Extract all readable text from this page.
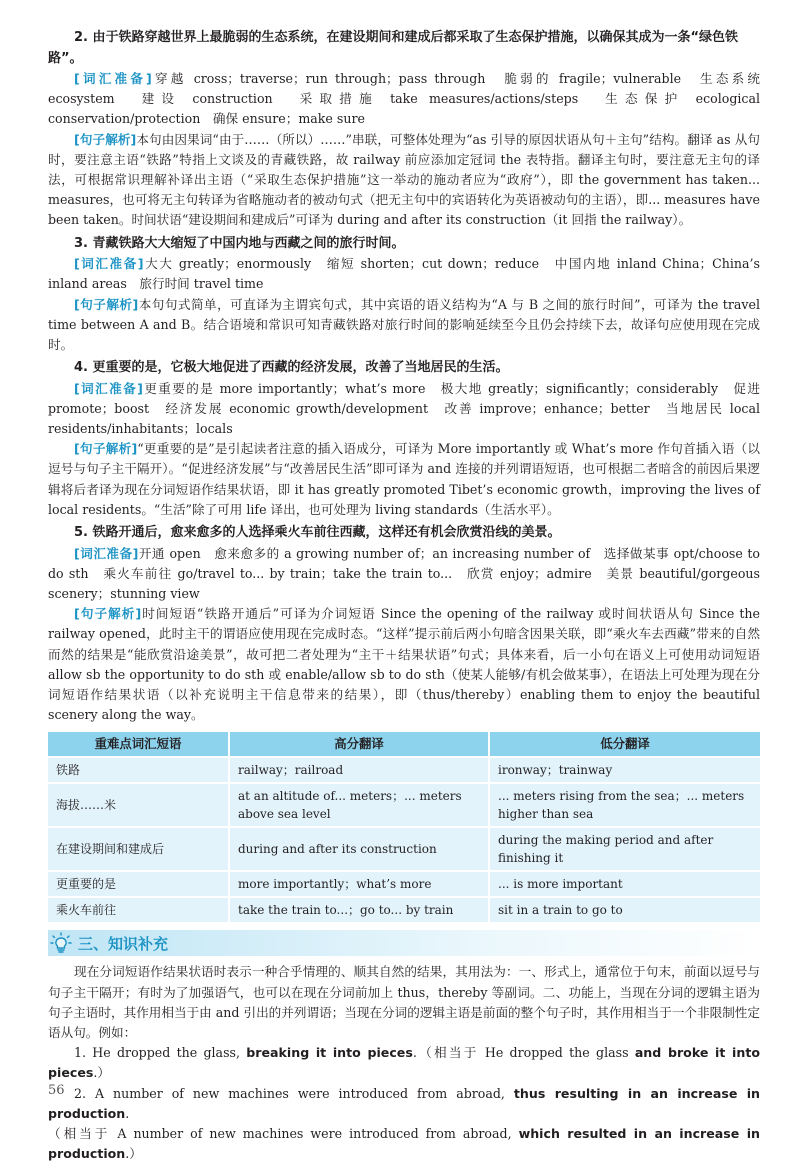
2. 由于铁路穿越世界上最脆弱的生态系统，在建设期间和建成后都采取了生态保护措施，以确保其成为一条“绿色铁路”。

[词汇准备]穿越 cross；traverse；run through；pass through　脆弱的 fragile；vulnerable　生态系统 ecosystem　建设 construction　采取措施 take measures/actions/steps　生态保护 ecological conservation/protection　确保 ensure；make sure

[句子解析]本句由因果词“由于……（所以）……”串联，可整体处理为“as 引导的原因状语从句＋主句”结构。翻译 as 从句时，要注意主语“铁路”特指上文谈及的青藏铁路，故 railway 前应添加定冠词 the 表特指。翻译主句时，要注意无主句的译法，可根据常识理解补译出主语（“采取生态保护措施”这一举动的施动者应为“政府”），即 the government has taken... measures，也可将无主句转译为省略施动者的被动句式（把无主句中的宾语转化为英语被动句的主语），即... measures have been taken。时间状语“建设期间和建成后”可译为 during and after its construction（it 回指 the railway）。

3. 青藏铁路大大缩短了中国内地与西藏之间的旅行时间。

[词汇准备]大大 greatly；enormously　缩短 shorten；cut down；reduce　中国内地 inland China；China’s inland areas　旅行时间 travel time

[句子解析]本句句式简单，可直译为主谓宾句式，其中宾语的语义结构为“A 与 B 之间的旅行时间”，可译为 the travel time between A and B。结合语境和常识可知青藏铁路对旅行时间的影响延续至今且仍会持续下去，故译句应使用现在完成时。

4. 更重要的是，它极大地促进了西藏的经济发展，改善了当地居民的生活。

[词汇准备]更重要的是 more importantly；what’s more　极大地 greatly；significantly；considerably　促进 promote；boost　经济发展 economic growth/development　改善 improve；enhance；better　当地居民 local residents/inhabitants；locals

[句子解析]“更重要的是”是引起读者注意的插入语成分，可译为 More importantly 或 What’s more 作句首插入语（以逗号与句子主干隔开）。“促进经济发展”与“改善居民生活”即可译为 and 连接的并列谓语短语，也可根据二者暗含的前因后果逻辑将后者译为现在分词短语作结果状语，即 it has greatly promoted Tibet’s economic growth，improving the lives of local residents。“生活”除了可用 life 译出，也可处理为 living standards（生活水平）。

5. 铁路开通后，愈来愈多的人选择乘火车前往西藏，这样还有机会欣赏沿线的美景。

[词汇准备]开通 open　愈来愈多的 a growing number of；an increasing number of　选择做某事 opt/choose to do sth　乘火车前往 go/travel to... by train；take the train to...　欣赏 enjoy；admire　美景 beautiful/gorgeous scenery；stunning view

[句子解析]时间短语“铁路开通后”可译为介词短语 Since the opening of the railway 或时间状语从句 Since the railway opened，此时主干的谓语应使用现在完成时态。“这样”提示前后两小句暗含因果关联，即“乘火车去西藏”带来的自然而然的结果是“能欣赏沿途美景”，故可把二者处理为“主干＋结果状语”句式；具体来看，后一小句在语义上可使用动词短语 allow sb the opportunity to do sth 或 enable/allow sb to do sth（使某人能够/有机会做某事），在语法上可处理为现在分词短语作结果状语（以补充说明主干信息带来的结果），即（thus/thereby）enabling them to enjoy the beautiful scenery along the way。

重难点词汇短语	高分翻译	低分翻译
铁路	railway；railroad	ironway；trainway
海拔……米	at an altitude of... meters；... meters above sea level	... meters rising from the sea；... meters higher than sea
在建设期间和建成后	during and after its construction	during the making period and after finishing it
更重要的是	more importantly；what’s more	... is more important
乘火车前往	take the train to...；go to... by train	sit in a train to go to
三、知识补充

现在分词短语作结果状语时表示一种合乎情理的、顺其自然的结果，其用法为：一、形式上，通常位于句末，前面以逗号与句子主干隔开；有时为了加强语气，也可以在现在分词前加上 thus，thereby 等副词。二、功能上，当现在分词的逻辑主语为句子主语时，其作用相当于由 and 引出的并列谓语；当现在分词的逻辑主语是前面的整个句子时，其作用相当于一个非限制性定语从句。例如：

1. He dropped the glass, breaking it into pieces.（相当于 He dropped the glass and broke it into pieces.）

2. A number of new machines were introduced from abroad, thus resulting in an increase in production.

（相当于 A number of new machines were introduced from abroad, which resulted in an increase in production.）

56
